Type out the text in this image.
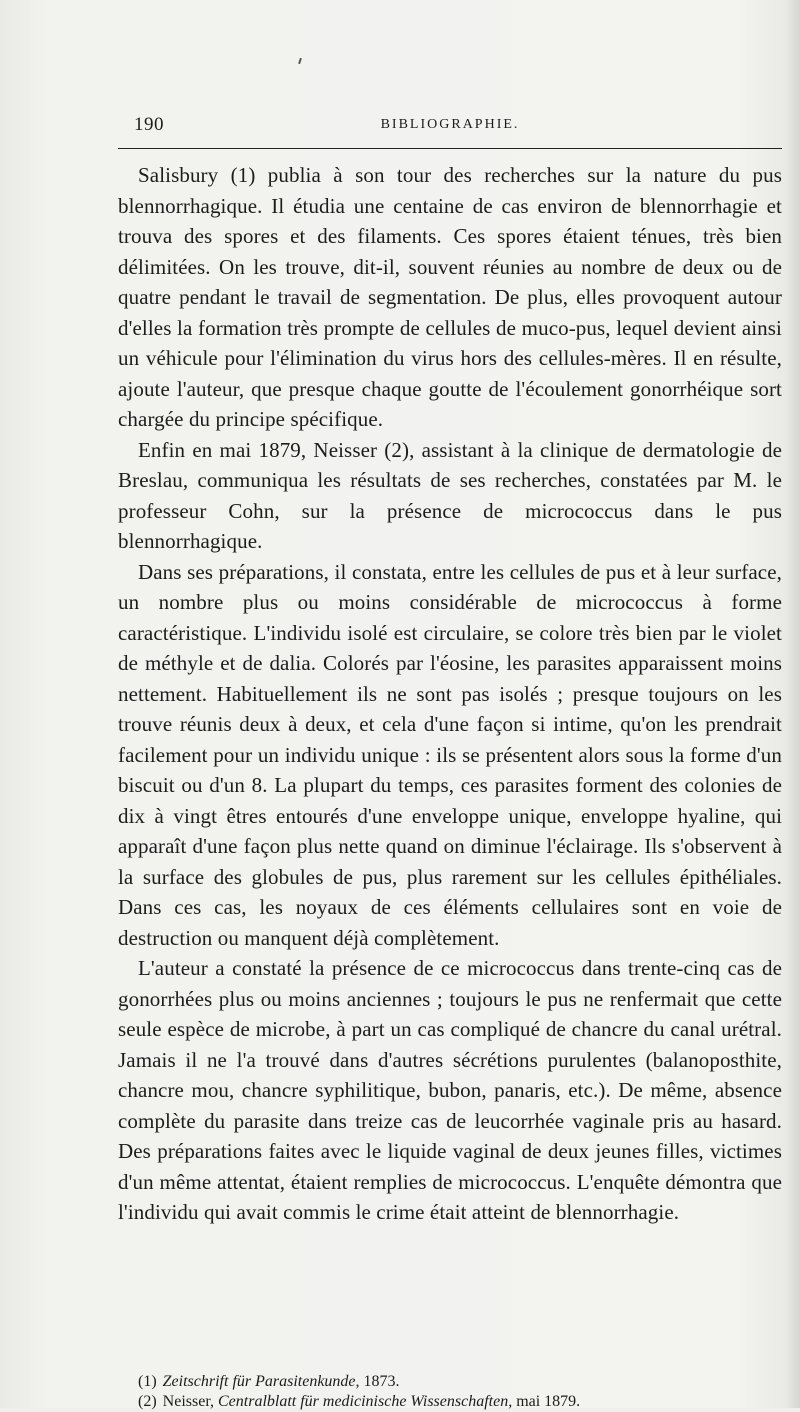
190	BIBLIOGRAPHIE.

Salisbury (1) publia à son tour des recherches sur la nature du pus blennorrhagique. Il étudia une centaine de cas environ de blennorrhagie et trouva des spores et des filaments. Ces spores étaient ténues, très bien délimitées. On les trouve, dit-il, souvent réunies au nombre de deux ou de quatre pendant le travail de segmentation. De plus, elles provoquent autour d'elles la formation très prompte de cellules de muco-pus, lequel devient ainsi un véhicule pour l'élimination du virus hors des cellules-mères. Il en résulte, ajoute l'auteur, que presque chaque goutte de l'écoulement gonorrhéique sort chargée du principe spécifique.

Enfin en mai 1879, Neisser (2), assistant à la clinique de dermatologie de Breslau, communiqua les résultats de ses recherches, constatées par M. le professeur Cohn, sur la présence de micrococcus dans le pus blennorrhagique.

Dans ses préparations, il constata, entre les cellules de pus et à leur surface, un nombre plus ou moins considérable de micrococcus à forme caractéristique. L'individu isolé est circulaire, se colore très bien par le violet de méthyle et de dalia. Colorés par l'éosine, les parasites apparaissent moins nettement. Habituellement ils ne sont pas isolés ; presque toujours on les trouve réunis deux à deux, et cela d'une façon si intime, qu'on les prendrait facilement pour un individu unique : ils se présentent alors sous la forme d'un biscuit ou d'un 8. La plupart du temps, ces parasites forment des colonies de dix à vingt êtres entourés d'une enveloppe unique, enveloppe hyaline, qui apparaît d'une façon plus nette quand on diminue l'éclairage. Ils s'observent à la surface des globules de pus, plus rarement sur les cellules épithéliales. Dans ces cas, les noyaux de ces éléments cellulaires sont en voie de destruction ou manquent déjà complètement.

L'auteur a constaté la présence de ce micrococcus dans trente-cinq cas de gonorrhées plus ou moins anciennes ; toujours le pus ne renfermait que cette seule espèce de microbe, à part un cas compliqué de chancre du canal urétral. Jamais il ne l'a trouvé dans d'autres sécrétions purulentes (balanoposthite, chancre mou, chancre syphilitique, bubon, panaris, etc.). De même, absence complète du parasite dans treize cas de leucorrhée vaginale pris au hasard. Des préparations faites avec le liquide vaginal de deux jeunes filles, victimes d'un même attentat, étaient remplies de micrococcus. L'enquête démontra que l'individu qui avait commis le crime était atteint de blennorrhagie.

(1) Zeitschrift für Parasitenkunde, 1873.

(2) Neisser, Centralblatt für medicinische Wissenschaften, mai 1879.
